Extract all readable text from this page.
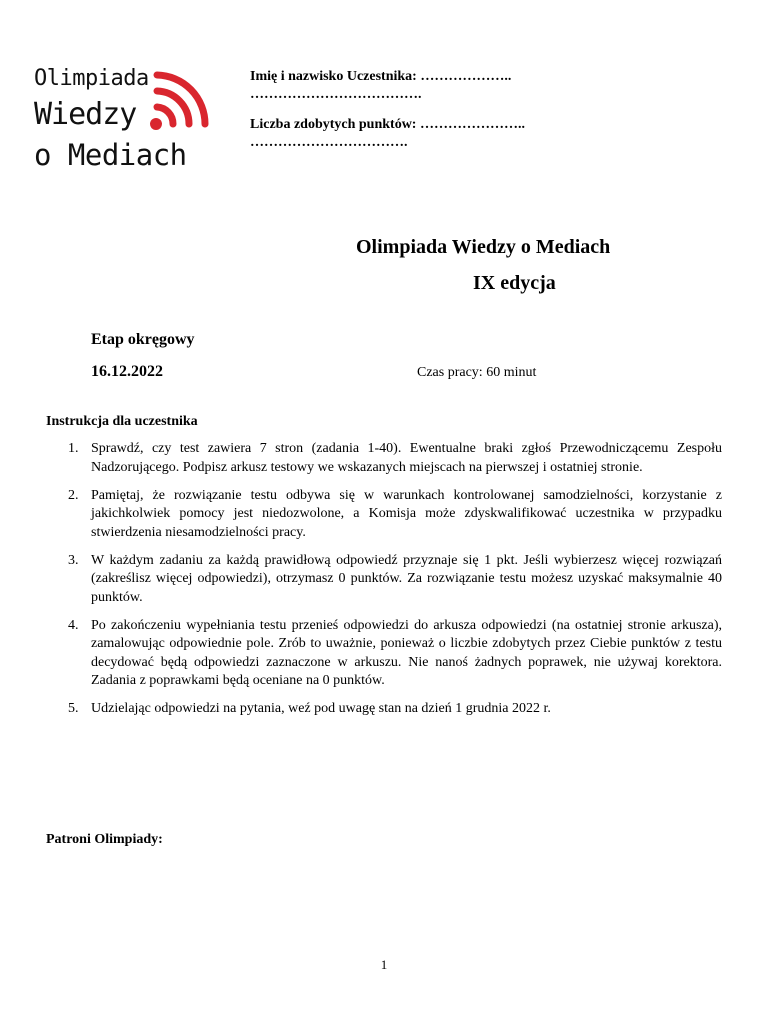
Olimpiada
Wiedzy
o Mediach
Imię i nazwisko Uczestnika: ………………..
……………………………….
Liczba zdobytych punktów: …………………..
…………………………….
Olimpiada Wiedzy o Mediach
IX edycja
Etap okręgowy
16.12.2022	Czas pracy: 60 minut
Instrukcja dla uczestnika
1. Sprawdź, czy test zawiera 7 stron (zadania 1-40). Ewentualne braki zgłoś Przewodniczącemu Zespołu Nadzorującego. Podpisz arkusz testowy we wskazanych miejscach na pierwszej i ostatniej stronie.
2. Pamiętaj, że rozwiązanie testu odbywa się w warunkach kontrolowanej samodzielności, korzystanie z jakichkolwiek pomocy jest niedozwolone, a Komisja może zdyskwalifikować uczestnika w przypadku stwierdzenia niesamodzielności pracy.
3. W każdym zadaniu za każdą prawidłową odpowiedź przyznaje się 1 pkt. Jeśli wybierzesz więcej rozwiązań (zakreślisz więcej odpowiedzi), otrzymasz 0 punktów. Za rozwiązanie testu możesz uzyskać maksymalnie 40 punktów.
4. Po zakończeniu wypełniania testu przenieś odpowiedzi do arkusza odpowiedzi (na ostatniej stronie arkusza), zamalowując odpowiednie pole. Zrób to uważnie, ponieważ o liczbie zdobytych przez Ciebie punktów z testu decydować będą odpowiedzi zaznaczone w arkuszu. Nie nanoś żadnych poprawek, nie używaj korektora. Zadania z poprawkami będą oceniane na 0 punktów.
5. Udzielając odpowiedzi na pytania, weź pod uwagę stan na dzień 1 grudnia 2022 r.
Patroni Olimpiady:
1
